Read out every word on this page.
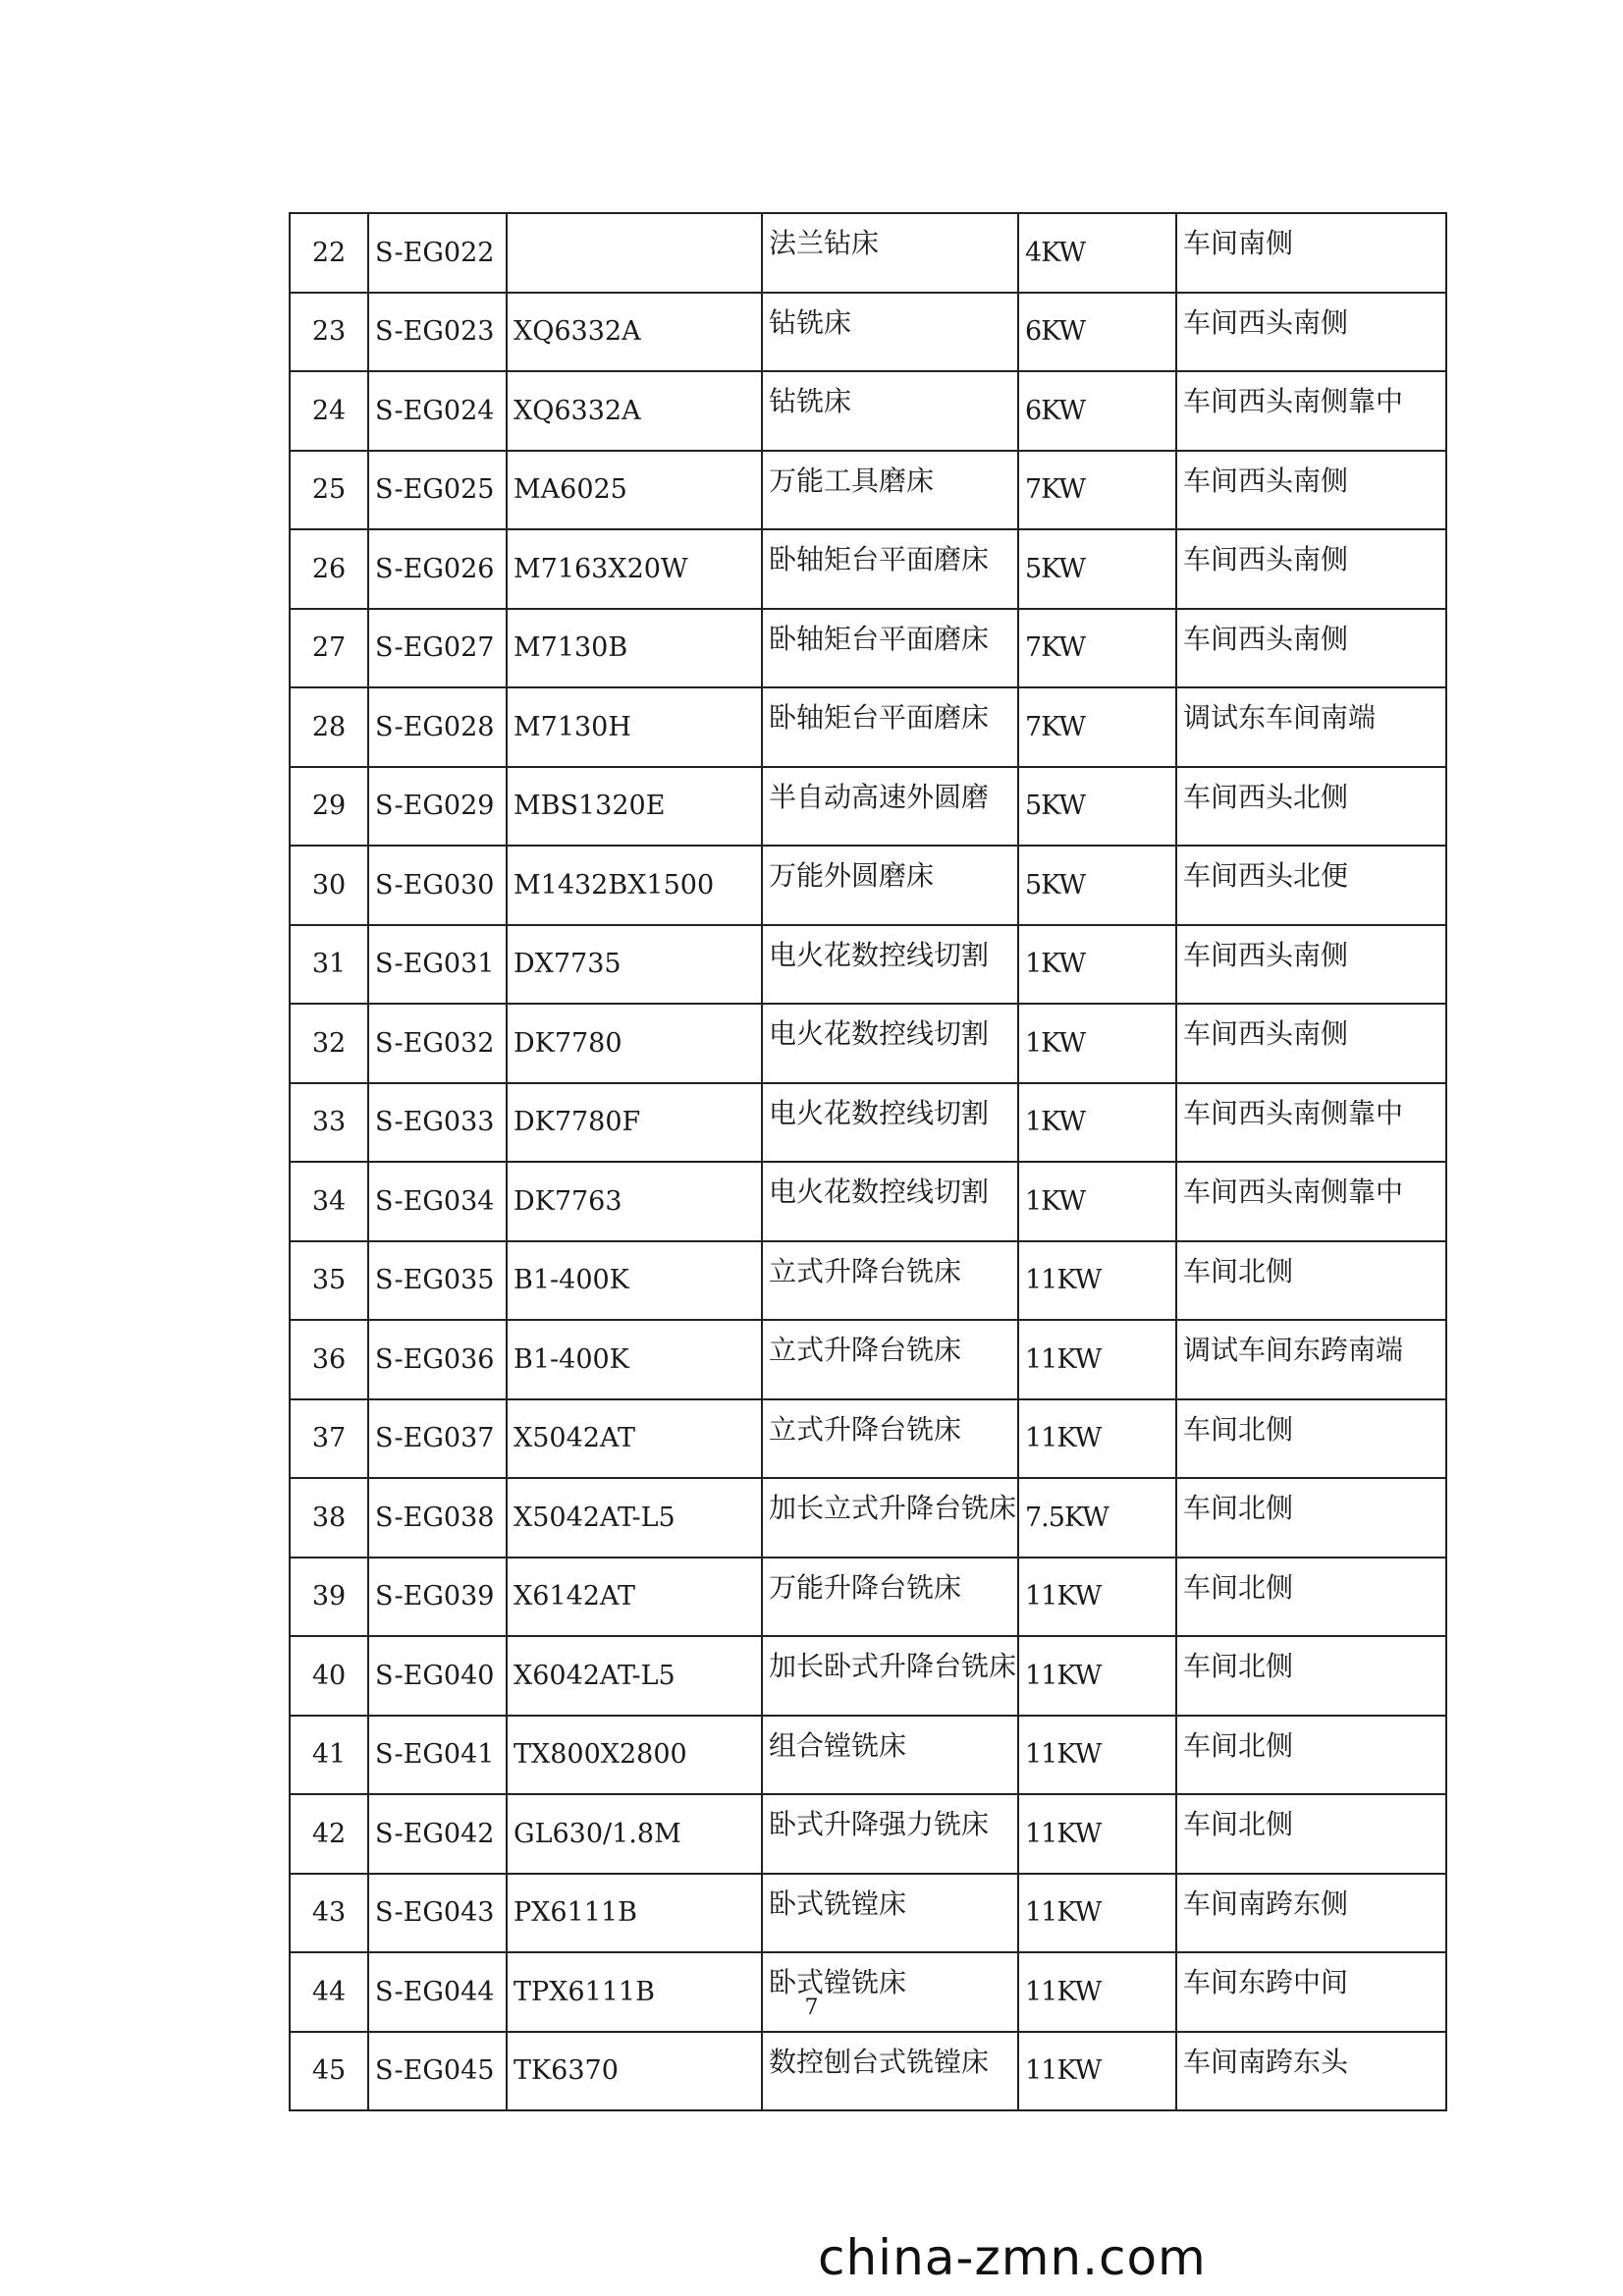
22	S-EG022		法兰钻床	4KW	车间南侧
23	S-EG023	XQ6332A	钻铣床	6KW	车间西头南侧
24	S-EG024	XQ6332A	钻铣床	6KW	车间西头南侧靠中
25	S-EG025	MA6025	万能工具磨床	7KW	车间西头南侧
26	S-EG026	M7163X20W	卧轴矩台平面磨床	5KW	车间西头南侧
27	S-EG027	M7130B	卧轴矩台平面磨床	7KW	车间西头南侧
28	S-EG028	M7130H	卧轴矩台平面磨床	7KW	调试东车间南端
29	S-EG029	MBS1320E	半自动高速外圆磨	5KW	车间西头北侧
30	S-EG030	M1432BX1500	万能外圆磨床	5KW	车间西头北便
31	S-EG031	DX7735	电火花数控线切割	1KW	车间西头南侧
32	S-EG032	DK7780	电火花数控线切割	1KW	车间西头南侧
33	S-EG033	DK7780F	电火花数控线切割	1KW	车间西头南侧靠中
34	S-EG034	DK7763	电火花数控线切割	1KW	车间西头南侧靠中
35	S-EG035	B1-400K	立式升降台铣床	11KW	车间北侧
36	S-EG036	B1-400K	立式升降台铣床	11KW	调试车间东跨南端
37	S-EG037	X5042AT	立式升降台铣床	11KW	车间北侧
38	S-EG038	X5042AT-L5	加长立式升降台铣床	7.5KW	车间北侧
39	S-EG039	X6142AT	万能升降台铣床	11KW	车间北侧
40	S-EG040	X6042AT-L5	加长卧式升降台铣床	11KW	车间北侧
41	S-EG041	TX800X2800	组合镗铣床	11KW	车间北侧
42	S-EG042	GL630/1.8M	卧式升降强力铣床	11KW	车间北侧
43	S-EG043	PX6111B	卧式铣镗床	11KW	车间南跨东侧
44	S-EG044	TPX6111B	卧式镗铣床	11KW	车间东跨中间
45	S-EG045	TK6370	数控刨台式铣镗床	11KW	车间南跨东头
7
china-zmn.com
